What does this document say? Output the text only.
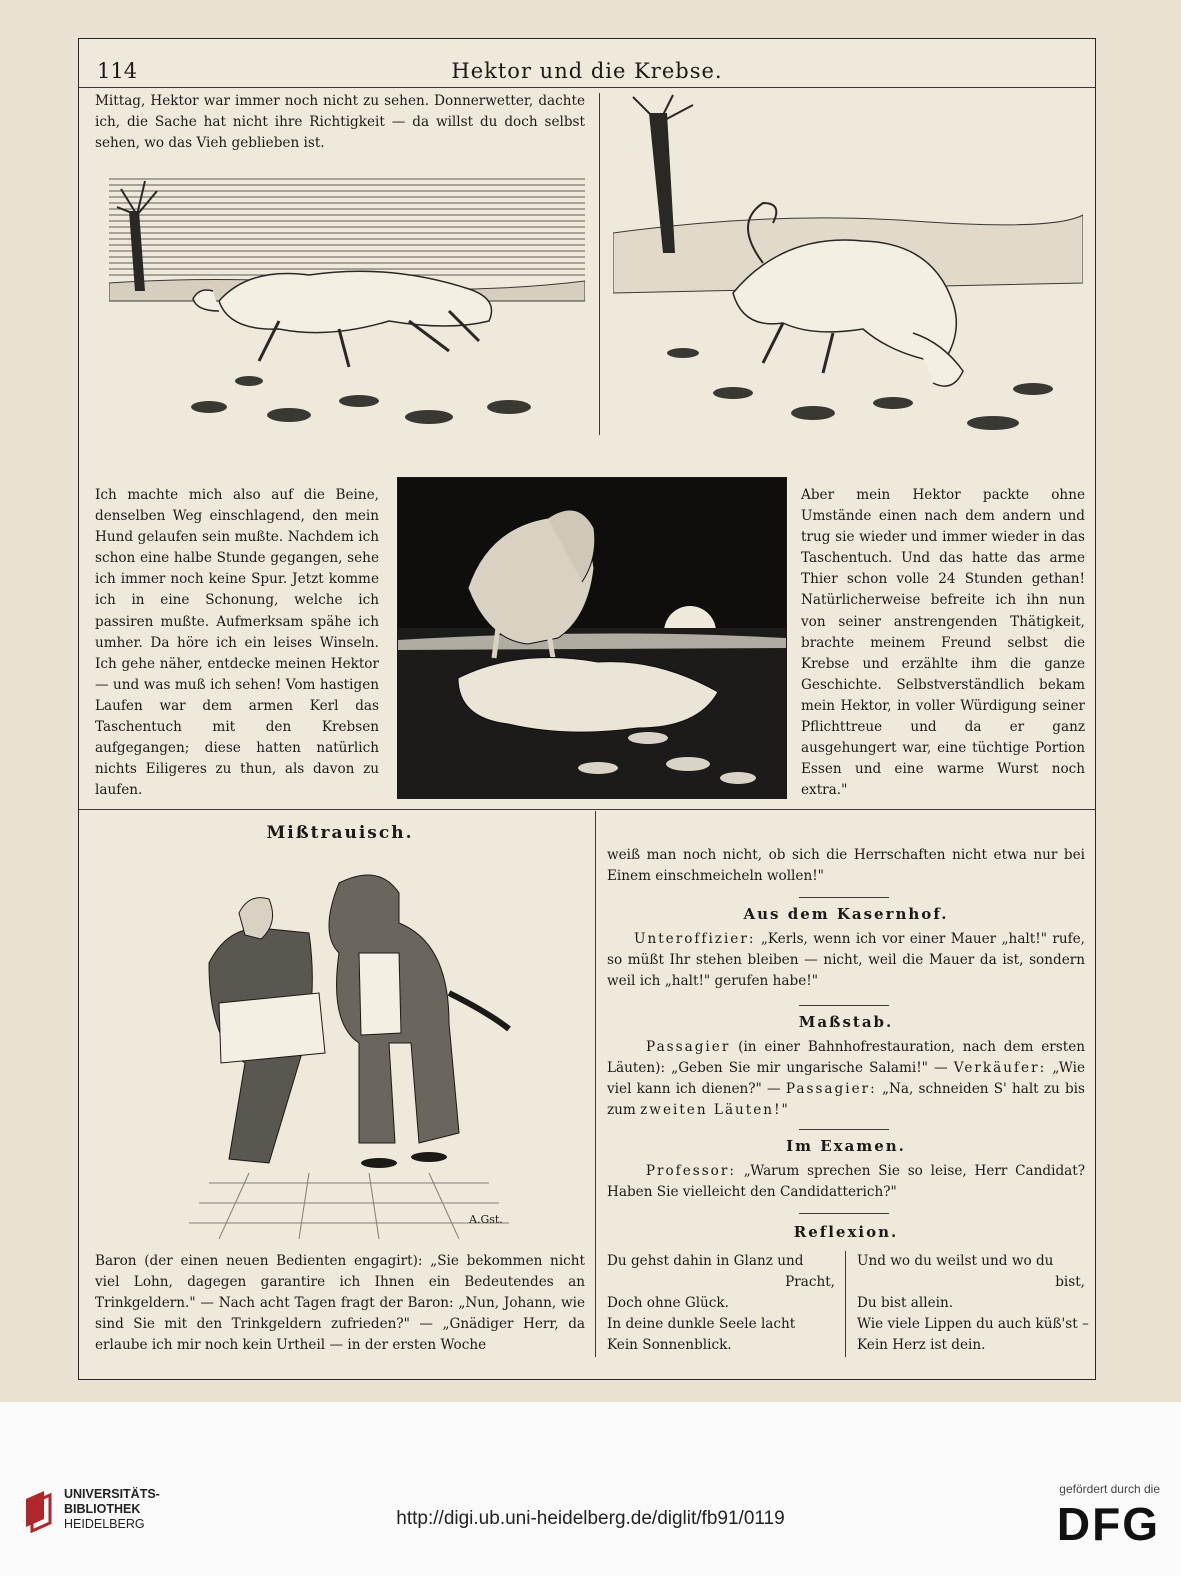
114	Hektor und die Krebse.

Mittag, Hektor war immer noch nicht zu sehen. Donnerwetter, dachte ich, die Sache hat nicht ihre Richtigkeit — da willst du doch selbst sehen, wo das Vieh geblieben ist.

Ich machte mich also auf die Beine, denselben Weg einschlagend, den mein Hund gelaufen sein mußte. Nachdem ich schon eine halbe Stunde gegangen, sehe ich immer noch keine Spur. Jetzt komme ich in eine Schonung, welche ich passiren mußte. Aufmerksam spähe ich umher. Da höre ich ein leises Winseln. Ich gehe näher, entdecke meinen Hektor — und was muß ich sehen! Vom hastigen Laufen war dem armen Kerl das Taschentuch mit den Krebsen aufgegangen; diese hatten natürlich nichts Eiligeres zu thun, als davon zu laufen.

E.Reinicke.89.

Aber mein Hektor packte ohne Umstände einen nach dem andern und trug sie wieder und immer wieder in das Taschentuch. Und das hatte das arme Thier schon volle 24 Stunden gethan! Natürlicherweise befreite ich ihn nun von seiner anstrengenden Thätigkeit, brachte meinem Freund selbst die Krebse und erzählte ihm die ganze Geschichte. Selbstverständlich bekam mein Hektor, in voller Würdigung seiner Pflichttreue und da er ganz ausgehungert war, eine tüchtige Portion Essen und eine warme Wurst noch extra."

Mißtrauisch.

A.Gst.

Baron (der einen neuen Bedienten engagirt): „Sie bekommen nicht viel Lohn, dagegen garantire ich Ihnen ein Bedeutendes an Trinkgeldern." — Nach acht Tagen fragt der Baron: „Nun, Johann, wie sind Sie mit den Trinkgeldern zufrieden?" — „Gnädiger Herr, da erlaube ich mir noch kein Urtheil — in der ersten Woche

weiß man noch nicht, ob sich die Herrschaften nicht etwa nur bei Einem einschmeicheln wollen!"

Aus dem Kasernhof.

Unteroffizier: „Kerls, wenn ich vor einer Mauer „halt!" rufe, so müßt Ihr stehen bleiben — nicht, weil die Mauer da ist, sondern weil ich „halt!" gerufen habe!"

Maßstab.

Passagier (in einer Bahnhofrestauration, nach dem ersten Läuten): „Geben Sie mir ungarische Salami!" — Verkäufer: „Wie viel kann ich dienen?" — Passagier: „Na, schneiden S' halt zu bis zum zweiten Läuten!"

Im Examen.

Professor: „Warum sprechen Sie so leise, Herr Candidat? Haben Sie vielleicht den Candidatterich?"

Reflexion.
Du gehst dahin in Glanz und
Pracht,
Doch ohne Glück.
In deine dunkle Seele lacht
Kein Sonnenblick.
Und wo du weilst und wo du
bist,
Du bist allein.
Wie viele Lippen du auch küß'st –
Kein Herz ist dein.
UNIVERSITÄTS-
BIBLIOTHEK
HEIDELBERG	http://digi.ub.uni-heidelberg.de/diglit/fb91/0119
gefördert durch die
DFG
